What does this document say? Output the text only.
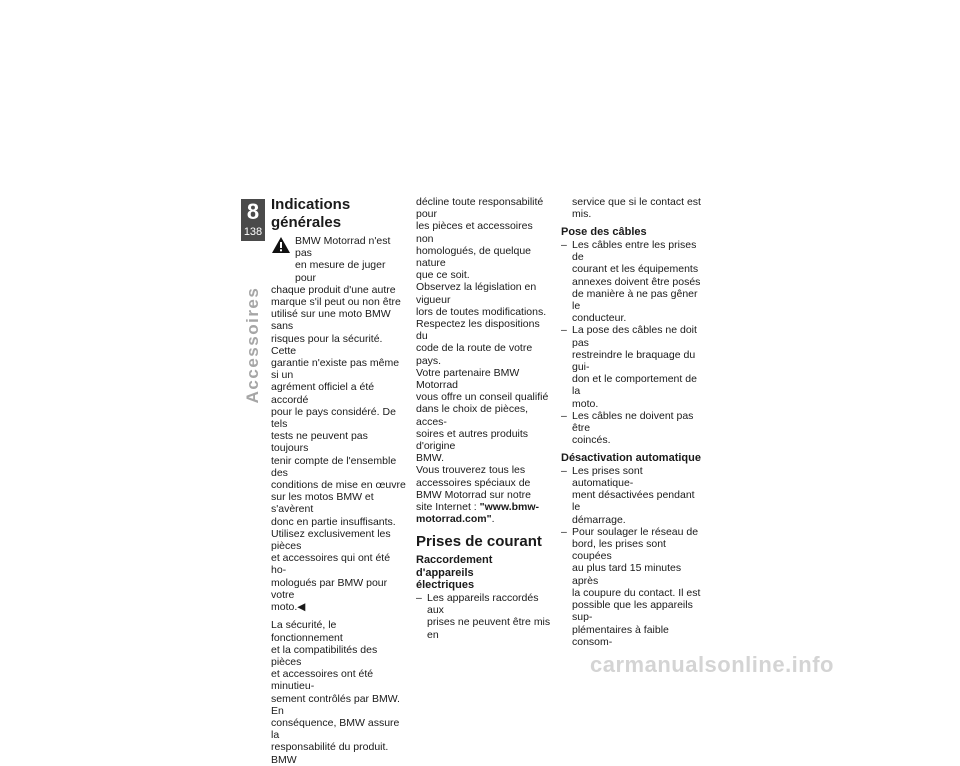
8
138
Accessoires
Indications générales
BMW Motorrad n'est pas
en mesure de juger pour

chaque produit d'une autre
marque s'il peut ou non être
utilisé sur une moto BMW sans
risques pour la sécurité. Cette
garantie n'existe pas même si un
agrément officiel a été accordé
pour le pays considéré. De tels
tests ne peuvent pas toujours
tenir compte de l'ensemble des
conditions de mise en œuvre
sur les motos BMW et s'avèrent
donc en partie insuffisants.
Utilisez exclusivement les pièces
et accessoires qui ont été ho-
mologués par BMW pour votre
moto.◀

La sécurité, le fonctionnement
et la compatibilités des pièces
et accessoires ont été minutieu-
sement contrôlés par BMW. En
conséquence, BMW assure la
responsabilité du produit. BMW

décline toute responsabilité pour
les pièces et accessoires non
homologués, de quelque nature
que ce soit.
Observez la législation en vigueur
lors de toutes modifications.
Respectez les dispositions du
code de la route de votre pays.
Votre partenaire BMW Motorrad
vous offre un conseil qualifié
dans le choix de pièces, acces-
soires et autres produits d'origine
BMW.
Vous trouverez tous les
accessoires spéciaux de
BMW Motorrad sur notre
site Internet : "www.bmw-
motorrad.com".

Prises de courant
Raccordement d'appareils
électriques
– Les appareils raccordés aux
prises ne peuvent être mis en
service que si le contact est
mis.
Pose des câbles
– Les câbles entre les prises de
courant et les équipements
annexes doivent être posés
de manière à ne pas gêner le
conducteur.
– La pose des câbles ne doit pas
restreindre le braquage du gui-
don et le comportement de la
moto.
– Les câbles ne doivent pas être
coincés.
Désactivation automatique
– Les prises sont automatique-
ment désactivées pendant le
démarrage.
– Pour soulager le réseau de
bord, les prises sont coupées
au plus tard 15 minutes après
la coupure du contact. Il est
possible que les appareils sup-
plémentaires à faible consom-
carmanualsonline.info
